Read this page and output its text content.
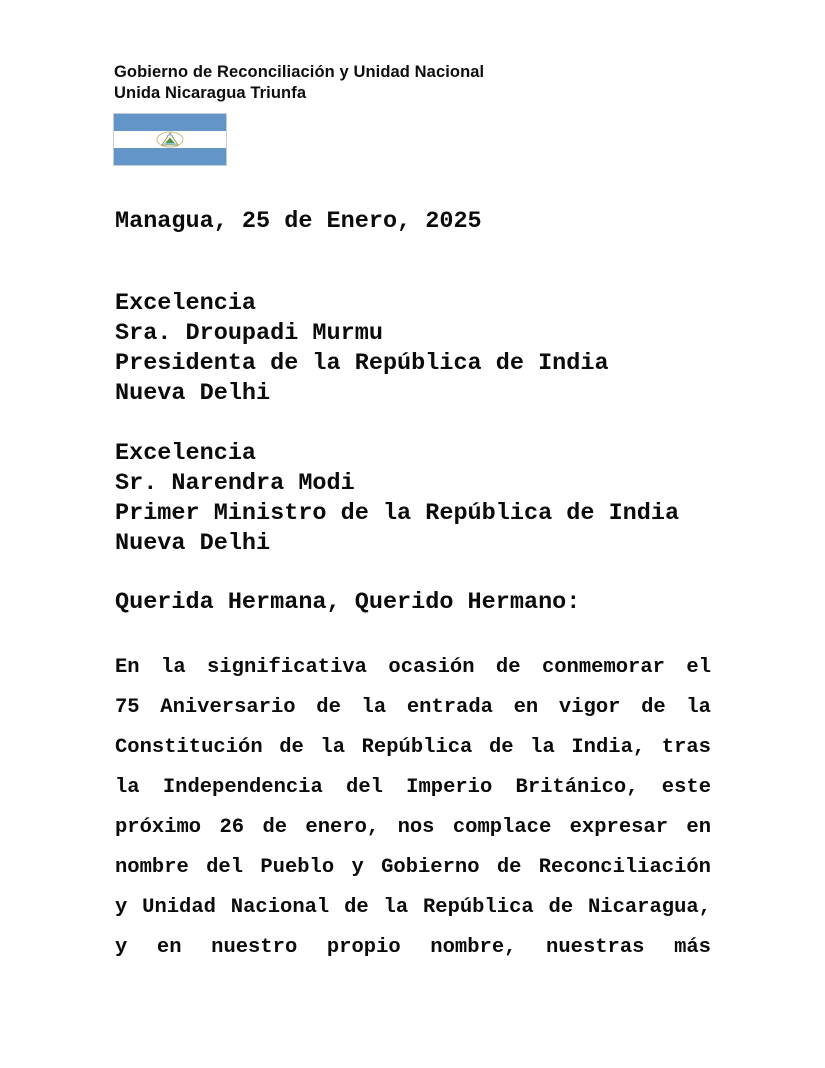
Gobierno de Reconciliación y Unidad Nacional
Unida Nicaragua Triunfa
Managua, 25 de Enero, 2025
Excelencia
Sra. Droupadi Murmu
Presidenta de la República de India
Nueva Delhi
Excelencia
Sr. Narendra Modi
Primer Ministro de la República de India
Nueva Delhi
Querida Hermana, Querido Hermano:
En la significativa ocasión de conmemorar el
75 Aniversario de la entrada en vigor de la
Constitución de la República de la India, tras
la Independencia del Imperio Británico, este
próximo 26 de enero, nos complace expresar en
nombre del Pueblo y Gobierno de Reconciliación
y Unidad Nacional de la República de Nicaragua,
y en nuestro propio nombre, nuestras más
